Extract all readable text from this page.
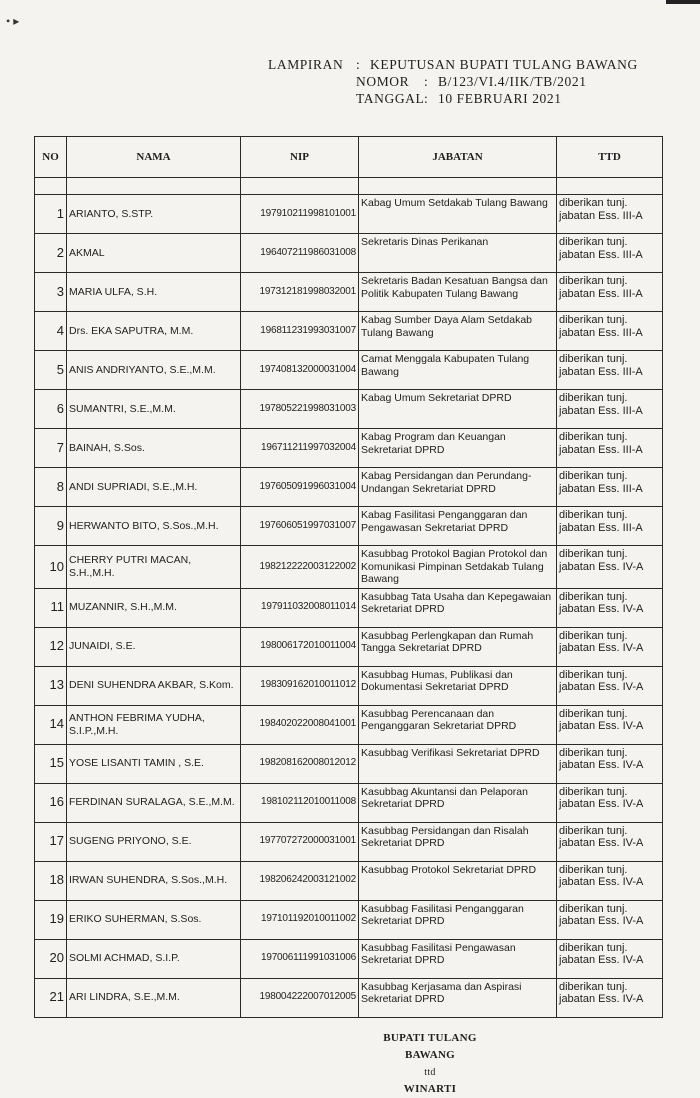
• ▸
LAMPIRAN : KEPUTUSAN BUPATI TULANG BAWANG
NOMOR	: B/123/VI.4/IIK/TB/2021
TANGGAL : 10 FEBRUARI 2021
NO	NAMA	NIP	JABATAN	TTD

1	ARIANTO, S.STP.	197910211998101001	Kabag Umum Setdakab Tulang Bawang	diberikan tunj. jabatan Ess. III-A
2	AKMAL	196407211986031008	Sekretaris Dinas Perikanan	diberikan tunj. jabatan Ess. III-A
3	MARIA ULFA, S.H.	197312181998032001	Sekretaris Badan Kesatuan Bangsa dan Politik Kabupaten Tulang Bawang	diberikan tunj. jabatan Ess. III-A
4	Drs. EKA SAPUTRA, M.M.	196811231993031007	Kabag Sumber Daya Alam Setdakab Tulang Bawang	diberikan tunj. jabatan Ess. III-A
5	ANIS ANDRIYANTO, S.E.,M.M.	197408132000031004	Camat Menggala Kabupaten Tulang Bawang	diberikan tunj. jabatan Ess. III-A
6	SUMANTRI, S.E.,M.M.	197805221998031003	Kabag Umum Sekretariat DPRD	diberikan tunj. jabatan Ess. III-A
7	BAINAH, S.Sos.	196711211997032004	Kabag Program dan Keuangan Sekretariat DPRD	diberikan tunj. jabatan Ess. III-A
8	ANDI SUPRIADI, S.E.,M.H.	197605091996031004	Kabag Persidangan dan Perundang-Undangan Sekretariat DPRD	diberikan tunj. jabatan Ess. III-A
9	HERWANTO BITO, S.Sos.,M.H.	197606051997031007	Kabag Fasilitasi Penganggaran dan Pengawasan Sekretariat DPRD	diberikan tunj. jabatan Ess. III-A
10	CHERRY PUTRI MACAN, S.H.,M.H.	198212222003122002	Kasubbag Protokol Bagian Protokol dan Komunikasi Pimpinan Setdakab Tulang Bawang	diberikan tunj. jabatan Ess. IV-A
11	MUZANNIR, S.H.,M.M.	197911032008011014	Kasubbag Tata Usaha dan Kepegawaian Sekretariat DPRD	diberikan tunj. jabatan Ess. IV-A
12	JUNAIDI, S.E.	198006172010011004	Kasubbag Perlengkapan dan Rumah Tangga Sekretariat DPRD	diberikan tunj. jabatan Ess. IV-A
13	DENI SUHENDRA AKBAR, S.Kom.	198309162010011012	Kasubbag Humas, Publikasi dan Dokumentasi Sekretariat DPRD	diberikan tunj. jabatan Ess. IV-A
14	ANTHON FEBRIMA YUDHA, S.I.P.,M.H.	198402022008041001	Kasubbag Perencanaan dan Penganggaran Sekretariat DPRD	diberikan tunj. jabatan Ess. IV-A
15	YOSE LISANTI TAMIN , S.E.	198208162008012012	Kasubbag Verifikasi Sekretariat DPRD	diberikan tunj. jabatan Ess. IV-A
16	FERDINAN SURALAGA, S.E.,M.M.	198102112010011008	Kasubbag Akuntansi dan Pelaporan Sekretariat DPRD	diberikan tunj. jabatan Ess. IV-A
17	SUGENG PRIYONO, S.E.	197707272000031001	Kasubbag Persidangan dan Risalah Sekretariat DPRD	diberikan tunj. jabatan Ess. IV-A
18	IRWAN SUHENDRA, S.Sos.,M.H.	198206242003121002	Kasubbag Protokol Sekretariat DPRD	diberikan tunj. jabatan Ess. IV-A
19	ERIKO SUHERMAN, S.Sos.	197101192010011002	Kasubbag Fasilitasi Penganggaran Sekretariat DPRD	diberikan tunj. jabatan Ess. IV-A
20	SOLMI ACHMAD, S.I.P.	197006111991031006	Kasubbag Fasilitasi Pengawasan Sekretariat DPRD	diberikan tunj. jabatan Ess. IV-A
21	ARI LINDRA, S.E.,M.M.	198004222007012005	Kasubbag Kerjasama dan Aspirasi Sekretariat DPRD	diberikan tunj. jabatan Ess. IV-A
BUPATI TULANG BAWANG
ttd
WINARTI
